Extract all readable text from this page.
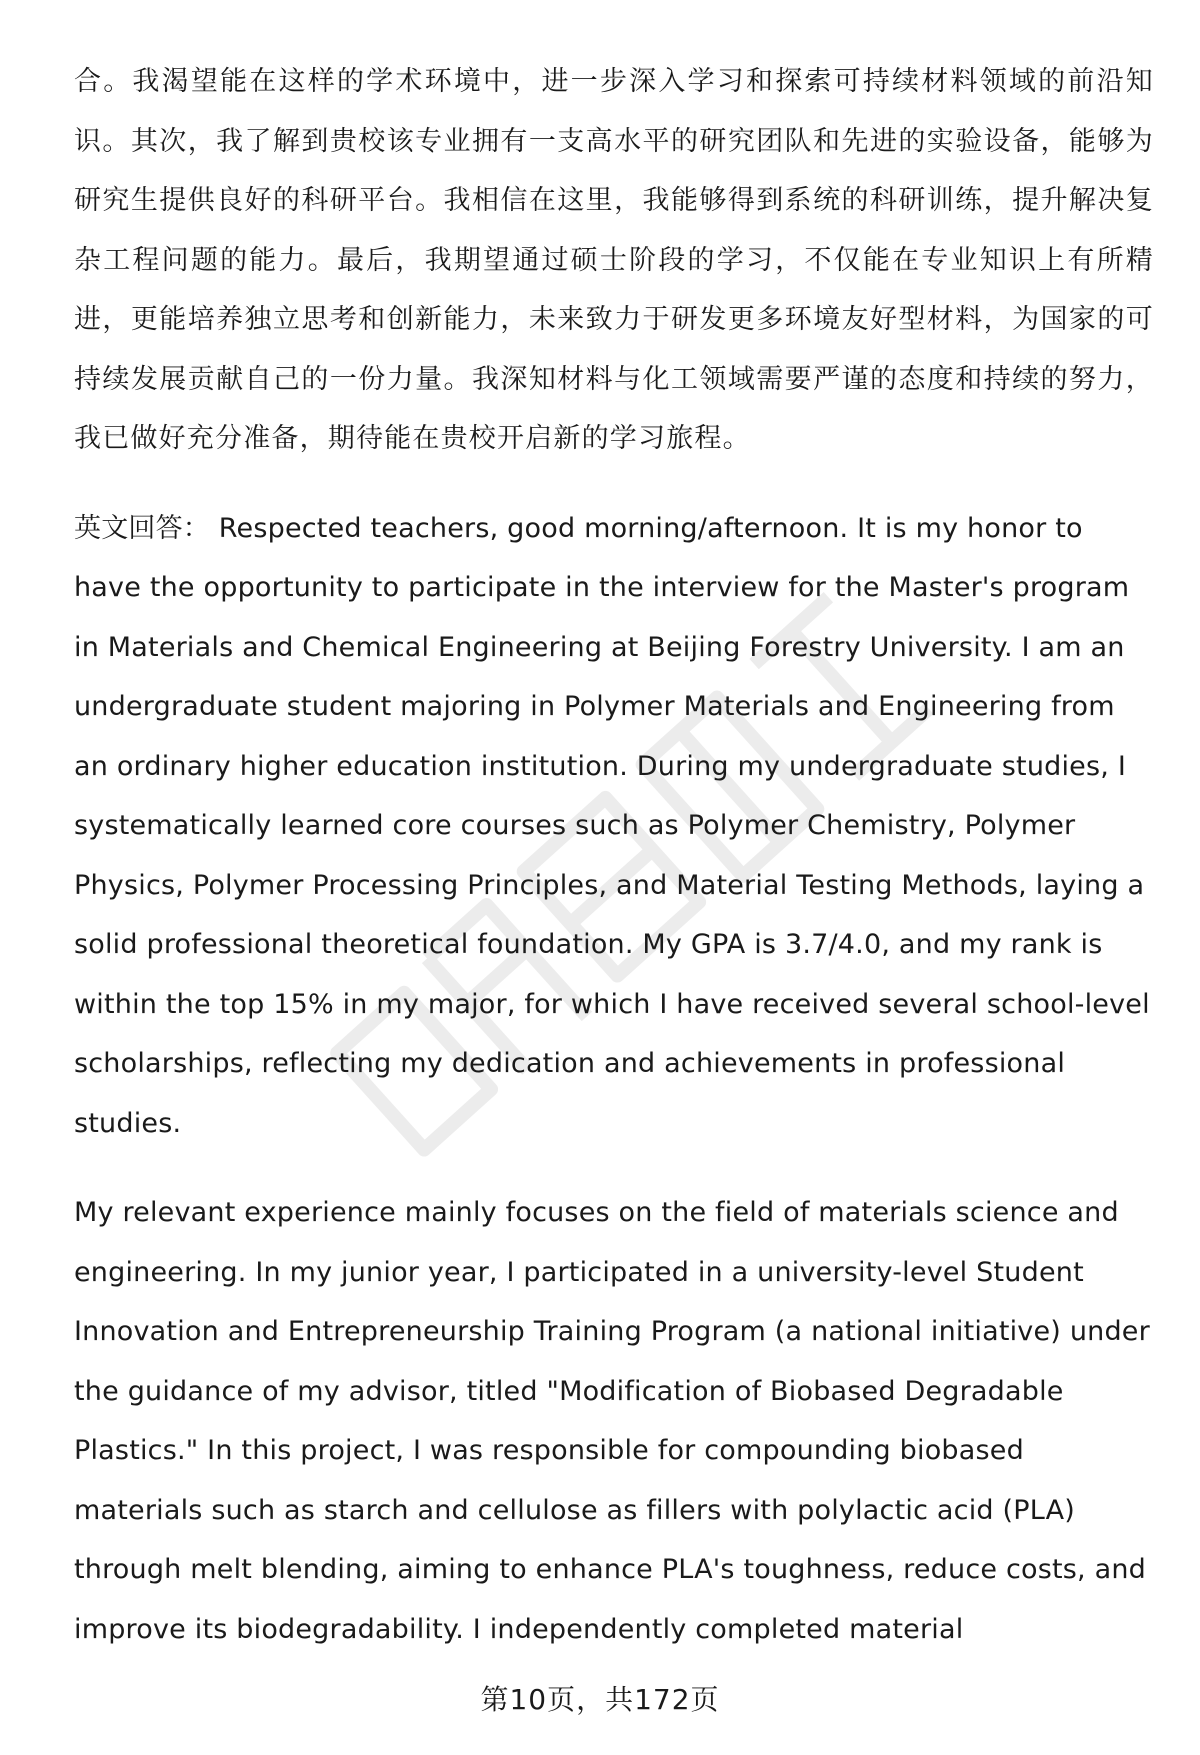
合。我渴望能在这样的学术环境中，进一步深入学习和探索可持续材料领域的前沿知识。其次，我了解到贵校该专业拥有一支高水平的研究团队和先进的实验设备，能够为研究生提供良好的科研平台。我相信在这里，我能够得到系统的科研训练，提升解决复杂工程问题的能力。最后，我期望通过硕士阶段的学习，不仅能在专业知识上有所精进，更能培养独立思考和创新能力，未来致力于研发更多环境友好型材料，为国家的可持续发展贡献自己的一份力量。我深知材料与化工领域需要严谨的态度和持续的努力，我已做好充分准备，期待能在贵校开启新的学习旅程。

英文回答： Respected teachers, good morning/afternoon. It is my honor to have the opportunity to participate in the interview for the Master's program in Materials and Chemical Engineering at Beijing Forestry University. I am an undergraduate student majoring in Polymer Materials and Engineering from an ordinary higher education institution. During my undergraduate studies, I systematically learned core courses such as Polymer Chemistry, Polymer Physics, Polymer Processing Principles, and Material Testing Methods, laying a solid professional theoretical foundation. My GPA is 3.7/4.0, and my rank is within the top 15% in my major, for which I have received several school-level scholarships, reflecting my dedication and achievements in professional studies.

My relevant experience mainly focuses on the field of materials science and engineering. In my junior year, I participated in a university-level Student Innovation and Entrepreneurship Training Program (a national initiative) under the guidance of my advisor, titled "Modification of Biobased Degradable Plastics." In this project, I was responsible for compounding biobased materials such as starch and cellulose as fillers with polylactic acid (PLA) through melt blending, aiming to enhance PLA's toughness, reduce costs, and improve its biodegradability. I independently completed material

第10页，共172页
